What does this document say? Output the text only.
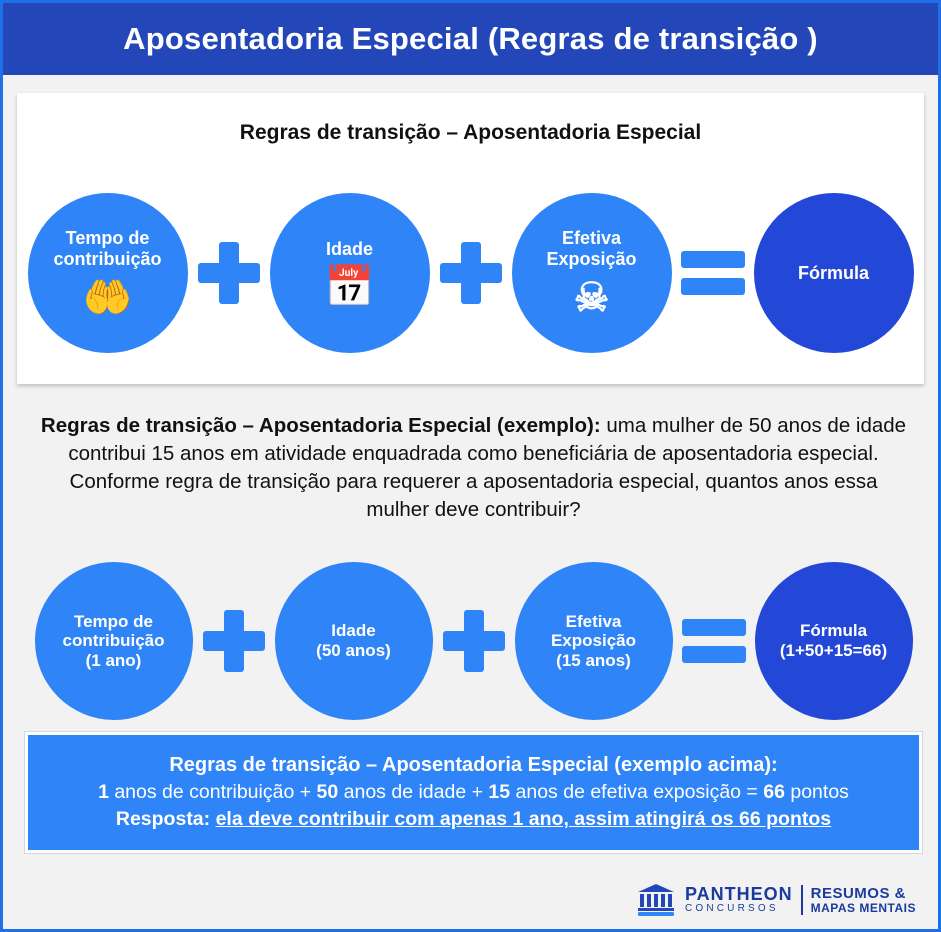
Aposentadoria Especial (Regras de transição )
Regras de transição – Aposentadoria Especial
Tempo de contribuição
🤲
Idade
📅
Efetiva Exposição
☠
Fórmula
Regras de transição – Aposentadoria Especial (exemplo): uma mulher de 50 anos de idade contribui 15 anos em atividade enquadrada como beneficiária de aposentadoria especial. Conforme regra de transição para requerer a aposentadoria especial, quantos anos essa mulher deve contribuir?
Tempo de contribuição
(1 ano)
Idade
(50 anos)
Efetiva Exposição
(15 anos)
Fórmula
(1+50+15=66)
Regras de transição – Aposentadoria Especial (exemplo acima):
1 anos de contribuição + 50 anos de idade + 15 anos de efetiva exposição = 66 pontos
Resposta: ela deve contribuir com apenas 1 ano, assim atingirá os 66 pontos
PANTHEON
CONCURSOS
RESUMOS &
MAPAS MENTAIS
